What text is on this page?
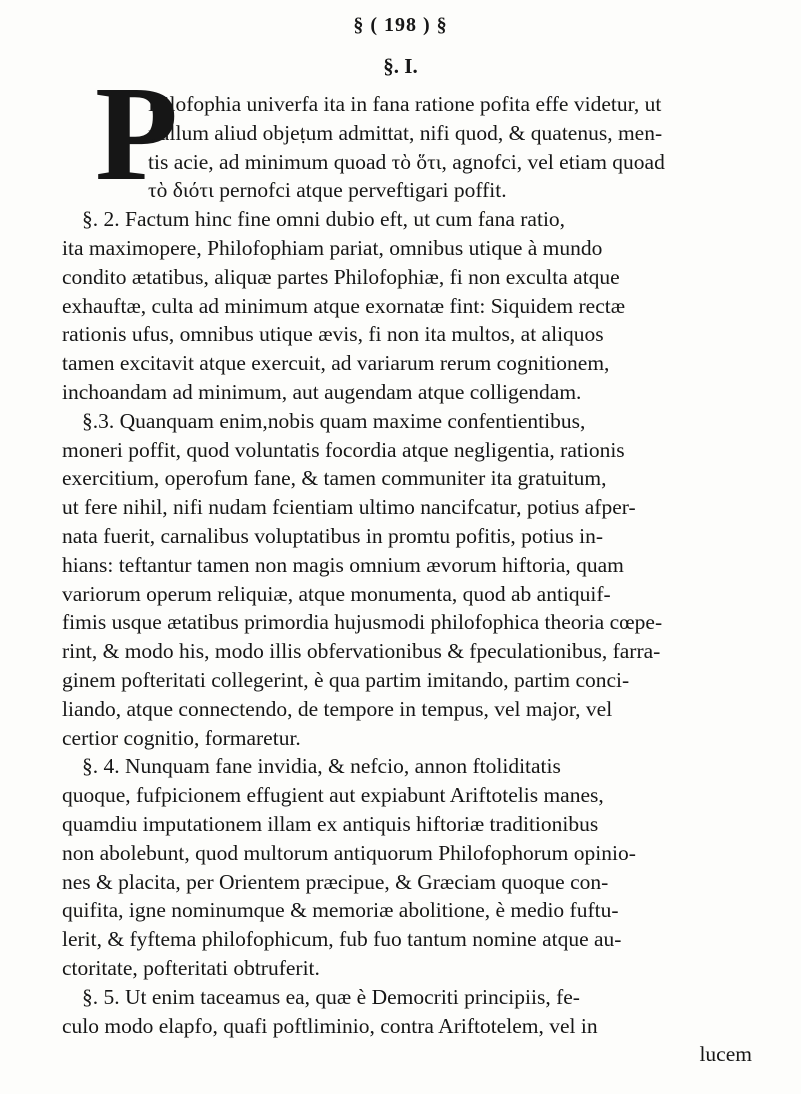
§ ( 198 ) §
§. I.
P
Hilofophia univerfa ita in fana ratione pofita effe videtur, ut
nullum aliud objeṭum admittat, nifi quod, & quatenus, men-
tis acie, ad minimum quoad τὸ ὅτι, agnofci, vel etiam quoad
τὸ διότι pernofci atque perveftigari poffit.
§. 2. Factum hinc fine omni dubio eft, ut cum fana ratio,
ita maximopere, Philofophiam pariat, omnibus utique à mundo
condito ætatibus, aliquæ partes Philofophiæ, fi non exculta atque
exhauftæ, culta ad minimum atque exornatæ fint: Siquidem rectæ
rationis ufus, omnibus utique ævis, fi non ita multos, at aliquos
tamen excitavit atque exercuit, ad variarum rerum cognitionem,
inchoandam ad minimum, aut augendam atque colligendam.
§.3. Quanquam enim,nobis quam maxime confentientibus,
moneri poffit, quod voluntatis focordia atque negligentia, rationis
exercitium, operofum fane, & tamen communiter ita gratuitum,
ut fere nihil, nifi nudam fcientiam ultimo nancifcatur, potius afper-
nata fuerit, carnalibus voluptatibus in promtu pofitis, potius in-
hians: teftantur tamen non magis omnium ævorum hiftoria, quam
variorum operum reliquiæ, atque monumenta, quod ab antiquif-
fimis usque ætatibus primordia hujusmodi philofophica theoria cœpe-
rint, & modo his, modo illis obfervationibus & fpeculationibus, farra-
ginem pofteritati collegerint, è qua partim imitando, partim conci-
liando, atque connectendo, de tempore in tempus, vel major, vel
certior cognitio, formaretur.
§. 4. Nunquam fane invidia, & nefcio, annon ftoliditatis
quoque, fufpicionem effugient aut expiabunt Ariftotelis manes,
quamdiu imputationem illam ex antiquis hiftoriæ traditionibus
non abolebunt, quod multorum antiquorum Philofophorum opinio-
nes & placita, per Orientem præcipue, & Græciam quoque con-
quifita, igne nominumque & memoriæ abolitione, è medio fuftu-
lerit, & fyftema philofophicum, fub fuo tantum nomine atque au-
ctoritate, pofteritati obtruferit.
§. 5. Ut enim taceamus ea, quæ è Democriti principiis, fe-
culo modo elapfo, quafi poftliminio, contra Ariftotelem, vel in
lucem
